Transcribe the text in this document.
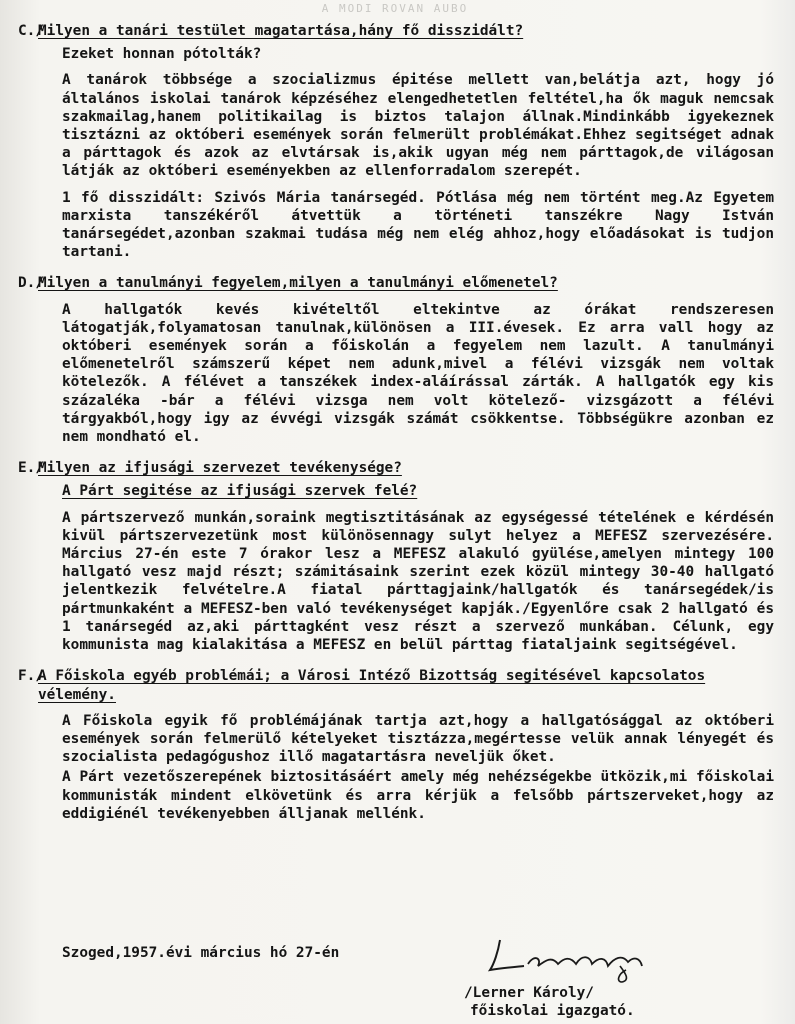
A MODI ROVAN AUBO
C./
Milyen a tanári testület magatartása,hány fő disszidált?
Ezeket honnan pótolták?
A tanárok többsége a szocializmus épitése mellett van,belátja azt, hogy jó általános iskolai tanárok képzéséhez elengedhetetlen feltétel,ha ők maguk nemcsak szakmailag,hanem politikailag is biztos talajon állnak.Mindinkább igyekeznek tisztázni az októberi események során felmerült problémákat.Ehhez segitséget adnak a párttagok és azok az elvtársak is,akik ugyan még nem párttagok,de világosan látják az októberi eseményekben az ellenforradalom szerepét.
1 fő disszidált: Szivós Mária tanársegéd. Pótlása még nem történt meg.Az Egyetem marxista tanszékéről átvettük a történeti tanszékre Nagy István tanársegédet,azonban szakmai tudása még nem elég ahhoz,hogy előadásokat is tudjon tartani.
D./
Milyen a tanulmányi fegyelem,milyen a tanulmányi előmenetel?
A hallgatók kevés kivételtől eltekintve az órákat rendszeresen látogatják,folyamatosan tanulnak,különösen a III.évesek. Ez arra vall hogy az októberi események során a főiskolán a fegyelem nem lazult. A tanulmányi előmenetelről számszerű képet nem adunk,mivel a félévi vizsgák nem voltak kötelezők. A félévet a tanszékek index-aláírással zárták. A hallgatók egy kis százaléka -bár a félévi vizsga nem volt kötelező- vizsgázott a félévi tárgyakból,hogy igy az évvégi vizsgák számát csökkentse. Többségükre azonban ez nem mondható el.
E./
Milyen az ifjusági szervezet tevékenysége?
A Párt segitése az ifjusági szervek felé?
A pártszervező munkán,soraink megtisztitásának az egységessé tételének e kérdésén kivül pártszervezetünk most különösennagy sulyt helyez a MEFESZ szervezésére. Március 27-én este 7 órakor lesz a MEFESZ alakuló gyülése,amelyen mintegy 100 hallgató vesz majd részt; számitásaink szerint ezek közül mintegy 30-40 hallgató jelentkezik felvételre.A fiatal párttagjaink/hallgatók és tanársegédek/is pártmunkaként a MEFESZ-ben való tevékenységet kapják./Egyenlőre csak 2 hallgató és 1 tanársegéd az,aki párttagként vesz részt a szervező munkában. Célunk, egy kommunista mag kialakitása a MEFESZ en belül párttag fiataljaink segitségével.
F./
A Főiskola egyéb problémái; a Városi Intéző Bizottság segitésével kapcsolatos vélemény.
A Főiskola egyik fő problémájának tartja azt,hogy a hallgatósággal az októberi események során felmerülő kételyeket tisztázza,megértesse velük annak lényegét és szocialista pedagógushoz illő magatartásra neveljük őket.
A Párt vezetőszerepének biztositásáért amely még nehézségekbe ütközik,mi főiskolai kommunisták mindent elkövetünk és arra kérjük a felsőbb pártszerveket,hogy az eddigiénél tevékenyebben álljanak mellénk.
Szoged,1957.évi március hó 27-én
/Lerner Károly/
főiskolai igazgató.
